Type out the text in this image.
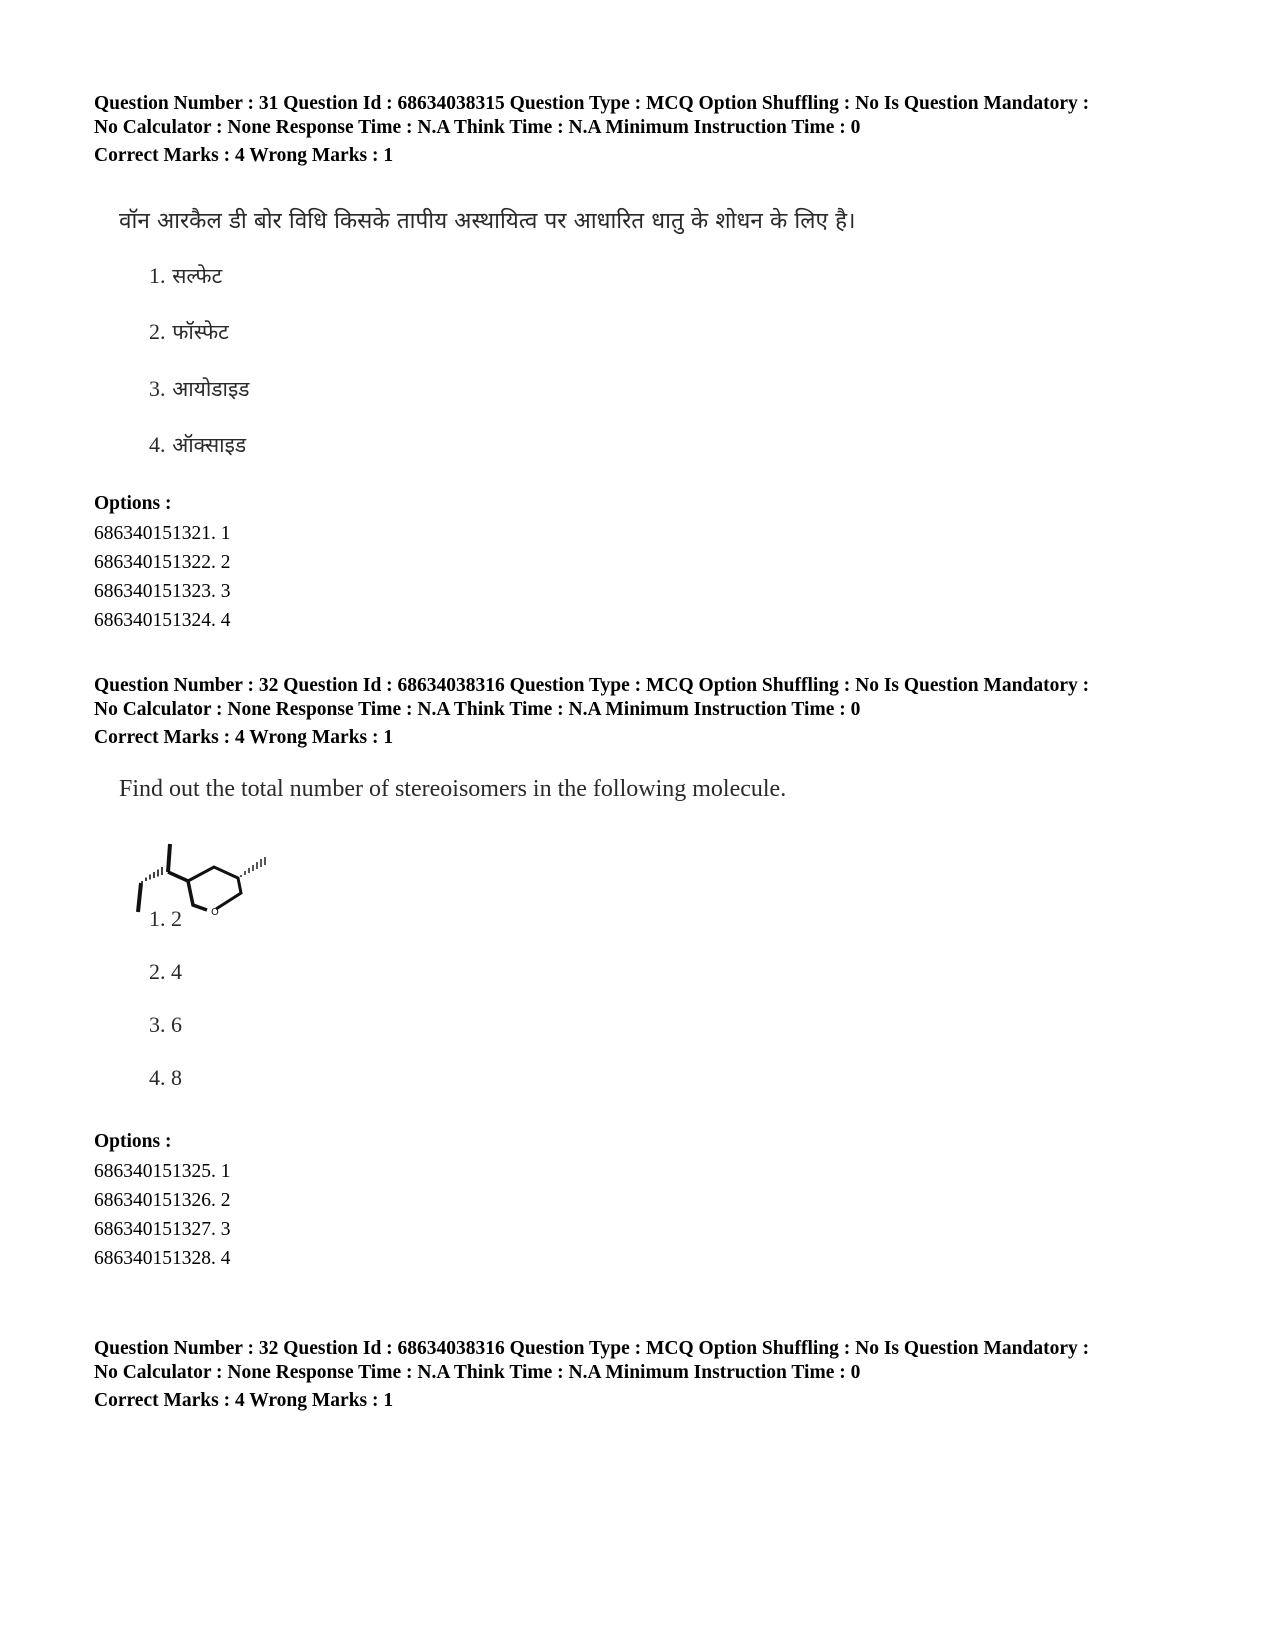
Question Number : 31 Question Id : 68634038315 Question Type : MCQ Option Shuffling : No Is Question Mandatory :
No Calculator : None Response Time : N.A Think Time : N.A Minimum Instruction Time : 0

Correct Marks : 4 Wrong Marks : 1

वॉन आरकैल डी बोर विधि किसके तापीय अस्थायित्व पर आधारित धातु के शोधन के लिए है।
1. सल्फेट
2. फॉस्फेट
3. आयोडाइड
4. ऑक्साइड
Options :
686340151321. 1
686340151322. 2
686340151323. 3
686340151324. 4

Question Number : 32 Question Id : 68634038316 Question Type : MCQ Option Shuffling : No Is Question Mandatory :
No Calculator : None Response Time : N.A Think Time : N.A Minimum Instruction Time : 0

Correct Marks : 4 Wrong Marks : 1

Find out the total number of stereoisomers in the following molecule.
O
1. 2
2. 4
3. 6
4. 8
Options :
686340151325. 1
686340151326. 2
686340151327. 3
686340151328. 4

Question Number : 32 Question Id : 68634038316 Question Type : MCQ Option Shuffling : No Is Question Mandatory :
No Calculator : None Response Time : N.A Think Time : N.A Minimum Instruction Time : 0

Correct Marks : 4 Wrong Marks : 1
